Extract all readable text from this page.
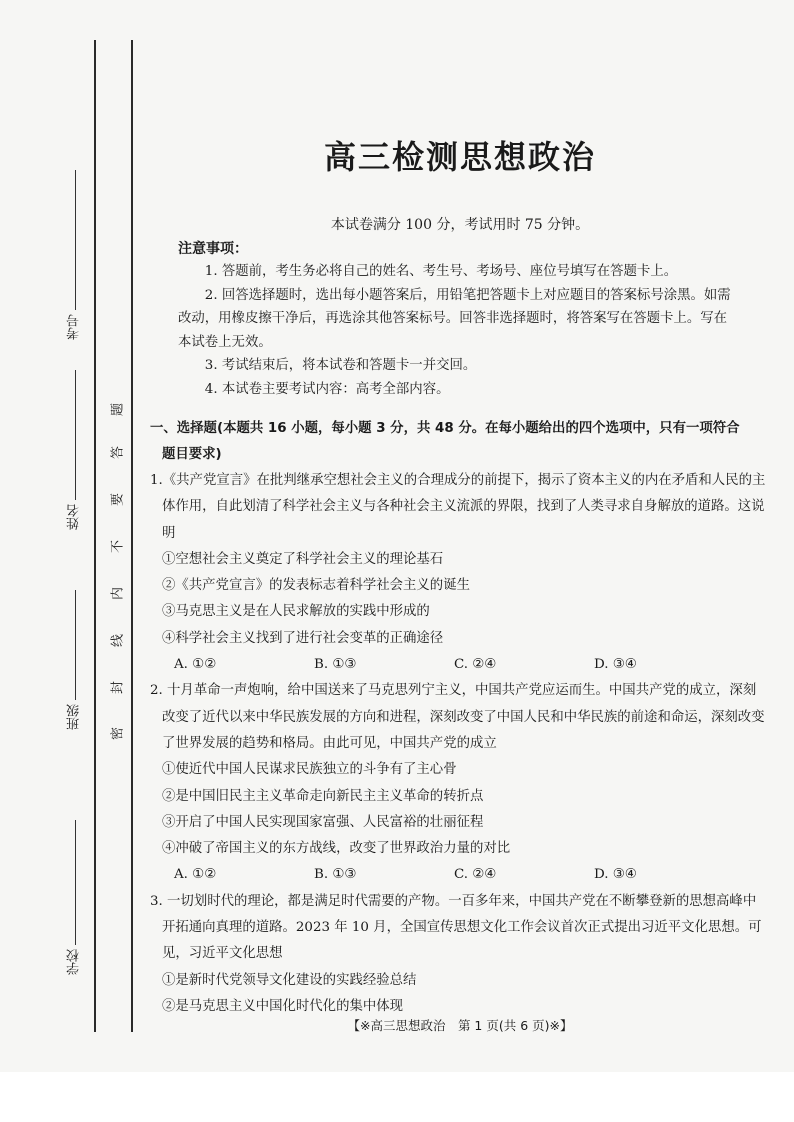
考号
姓名
班级
学校
题
答
要
不
内
线
封
密
高三检测思想政治
本试卷满分 100 分，考试用时 75 分钟。
注意事项：
1. 答题前，考生务必将自己的姓名、考生号、考场号、座位号填写在答题卡上。
2. 回答选择题时，选出每小题答案后，用铅笔把答题卡上对应题目的答案标号涂黑。如需改动，用橡皮擦干净后，再选涂其他答案标号。回答非选择题时，将答案写在答题卡上。写在本试卷上无效。
3. 考试结束后，将本试卷和答题卡一并交回。
4. 本试卷主要考试内容：高考全部内容。
一、选择题(本题共 16 小题，每小题 3 分，共 48 分。在每小题给出的四个选项中，只有一项符合
题目要求)
1.《共产党宣言》在批判继承空想社会主义的合理成分的前提下，揭示了资本主义的内在矛盾和人民的主体作用，自此划清了科学社会主义与各种社会主义流派的界限，找到了人类寻求自身解放的道路。这说明
①空想社会主义奠定了科学社会主义的理论基石
②《共产党宣言》的发表标志着科学社会主义的诞生
③马克思主义是在人民求解放的实践中形成的
④科学社会主义找到了进行社会变革的正确途径
A. ①②	B. ①③	C. ②④	D. ③④
2. 十月革命一声炮响，给中国送来了马克思列宁主义，中国共产党应运而生。中国共产党的成立，深刻改变了近代以来中华民族发展的方向和进程，深刻改变了中国人民和中华民族的前途和命运，深刻改变了世界发展的趋势和格局。由此可见，中国共产党的成立
①使近代中国人民谋求民族独立的斗争有了主心骨
②是中国旧民主主义革命走向新民主主义革命的转折点
③开启了中国人民实现国家富强、人民富裕的壮丽征程
④冲破了帝国主义的东方战线，改变了世界政治力量的对比
A. ①②	B. ①③	C. ②④	D. ③④
3. 一切划时代的理论，都是满足时代需要的产物。一百多年来，中国共产党在不断攀登新的思想高峰中开拓通向真理的道路。2023 年 10 月，全国宣传思想文化工作会议首次正式提出习近平文化思想。可见，习近平文化思想
①是新时代党领导文化建设的实践经验总结
②是马克思主义中国化时代化的集中体现
【※高三思想政治　第 1 页(共 6 页)※】
